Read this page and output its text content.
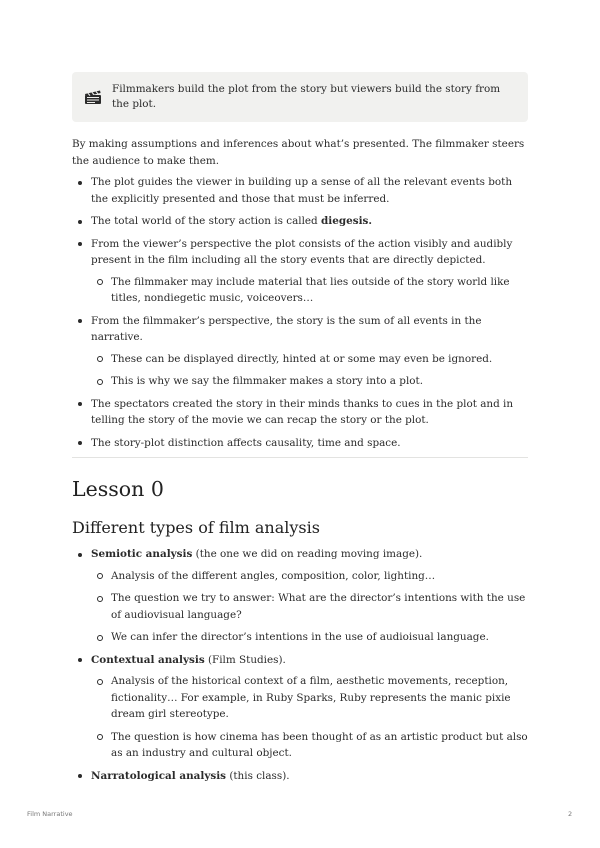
Filmmakers build the plot from the story but viewers build the story from the plot.

By making assumptions and inferences about what’s presented. The filmmaker steers the audience to make them.

The plot guides the viewer in building up a sense of all the relevant events both the explicitly presented and those that must be inferred.
The total world of the story action is called diegesis.
From the viewer’s perspective the plot consists of the action visibly and audibly present in the film including all the story events that are directly depicted.
The filmmaker may include material that lies outside of the story world like titles, nondiegetic music, voiceovers…
From the filmmaker’s perspective, the story is the sum of all events in the narrative.
These can be displayed directly, hinted at or some may even be ignored.
This is why we say the filmmaker makes a story into a plot.
The spectators created the story in their minds thanks to cues in the plot and in telling the story of the movie we can recap the story or the plot.
The story-plot distinction affects causality, time and space.
Lesson 0
Different types of film analysis
Semiotic analysis (the one we did on reading moving image).
Analysis of the different angles, composition, color, lighting…
The question we try to answer: What are the director’s intentions with the use of audiovisual language?
We can infer the director’s intentions in the use of audioisual language.
Contextual analysis (Film Studies).
Analysis of the historical context of a film, aesthetic movements, reception, fictionality… For example, in Ruby Sparks, Ruby represents the manic pixie dream girl stereotype.
The question is how cinema has been thought of as an artistic product but also as an industry and cultural object.
Narratological analysis (this class).
Film Narrative	2
